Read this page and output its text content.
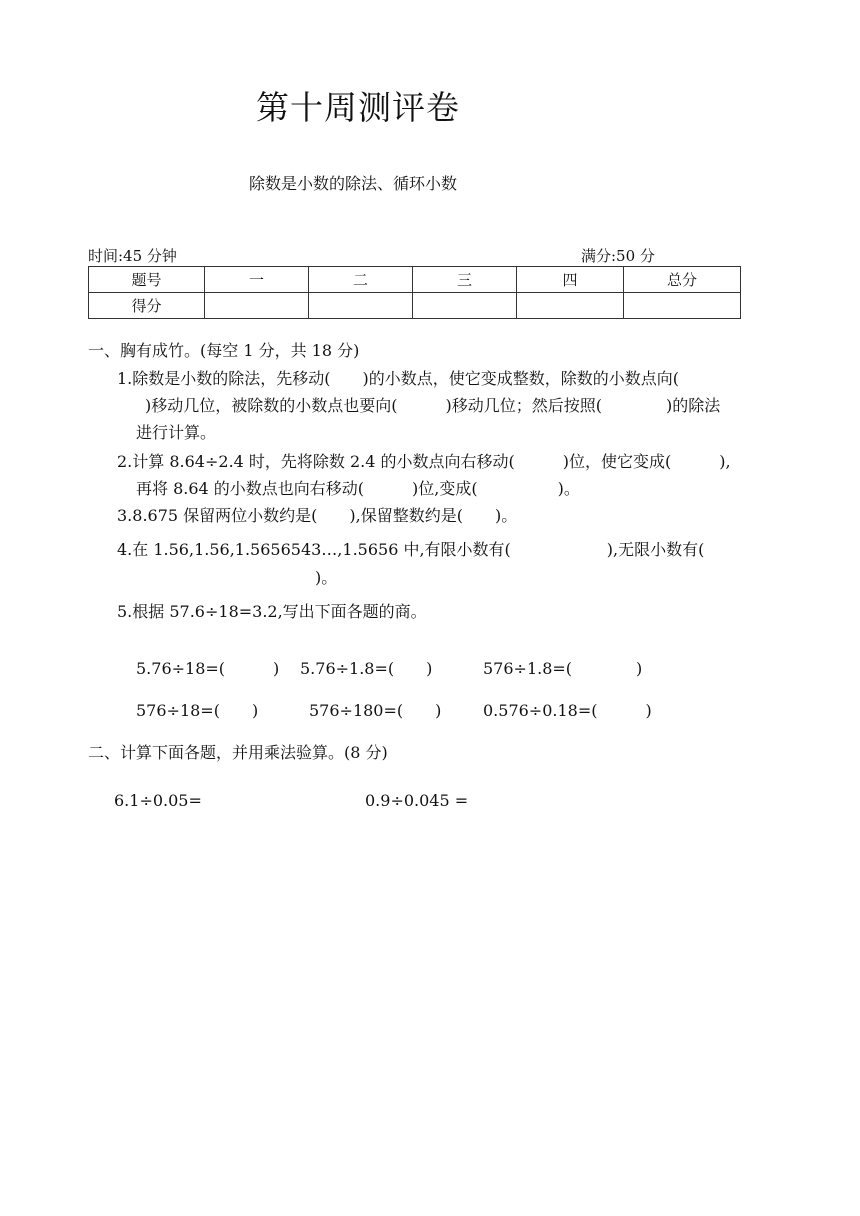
第十周测评卷
除数是小数的除法、循环小数
时间:45 分钟	满分:50 分
题号	一	二	三	四	总分
得分					
一、胸有成竹。(每空 1 分，共 18 分)
1.除数是小数的除法，先移动(　　)的小数点，使它变成整数，除数的小数点向(
)移动几位，被除数的小数点也要向(　　　)移动几位；然后按照(　　　　)的除法
进行计算。
2.计算 8.64÷2.4 时，先将除数 2.4 的小数点向右移动(　　　)位，使它变成(　　　),
再将 8.64 的小数点也向右移动(　　　)位,变成(　　　　　)。
3.8.675 保留两位小数约是(　　),保留整数约是(　　)。
4.在 1.56,1.56,1.5656543…,1.5656 中,有限小数有(　　　　　　),无限小数有(
)。
5.根据 57.6÷18=3.2,写出下面各题的商。
5.76÷18=(　　　) 5.76÷1.8=(　　)	576÷1.8=(　　　　)
576÷18=(　　)	576÷180=(　　)	0.576÷0.18=(　　　)
二、计算下面各题，并用乘法验算。(8 分)
6.1÷0.05=	0.9÷0.045 =
